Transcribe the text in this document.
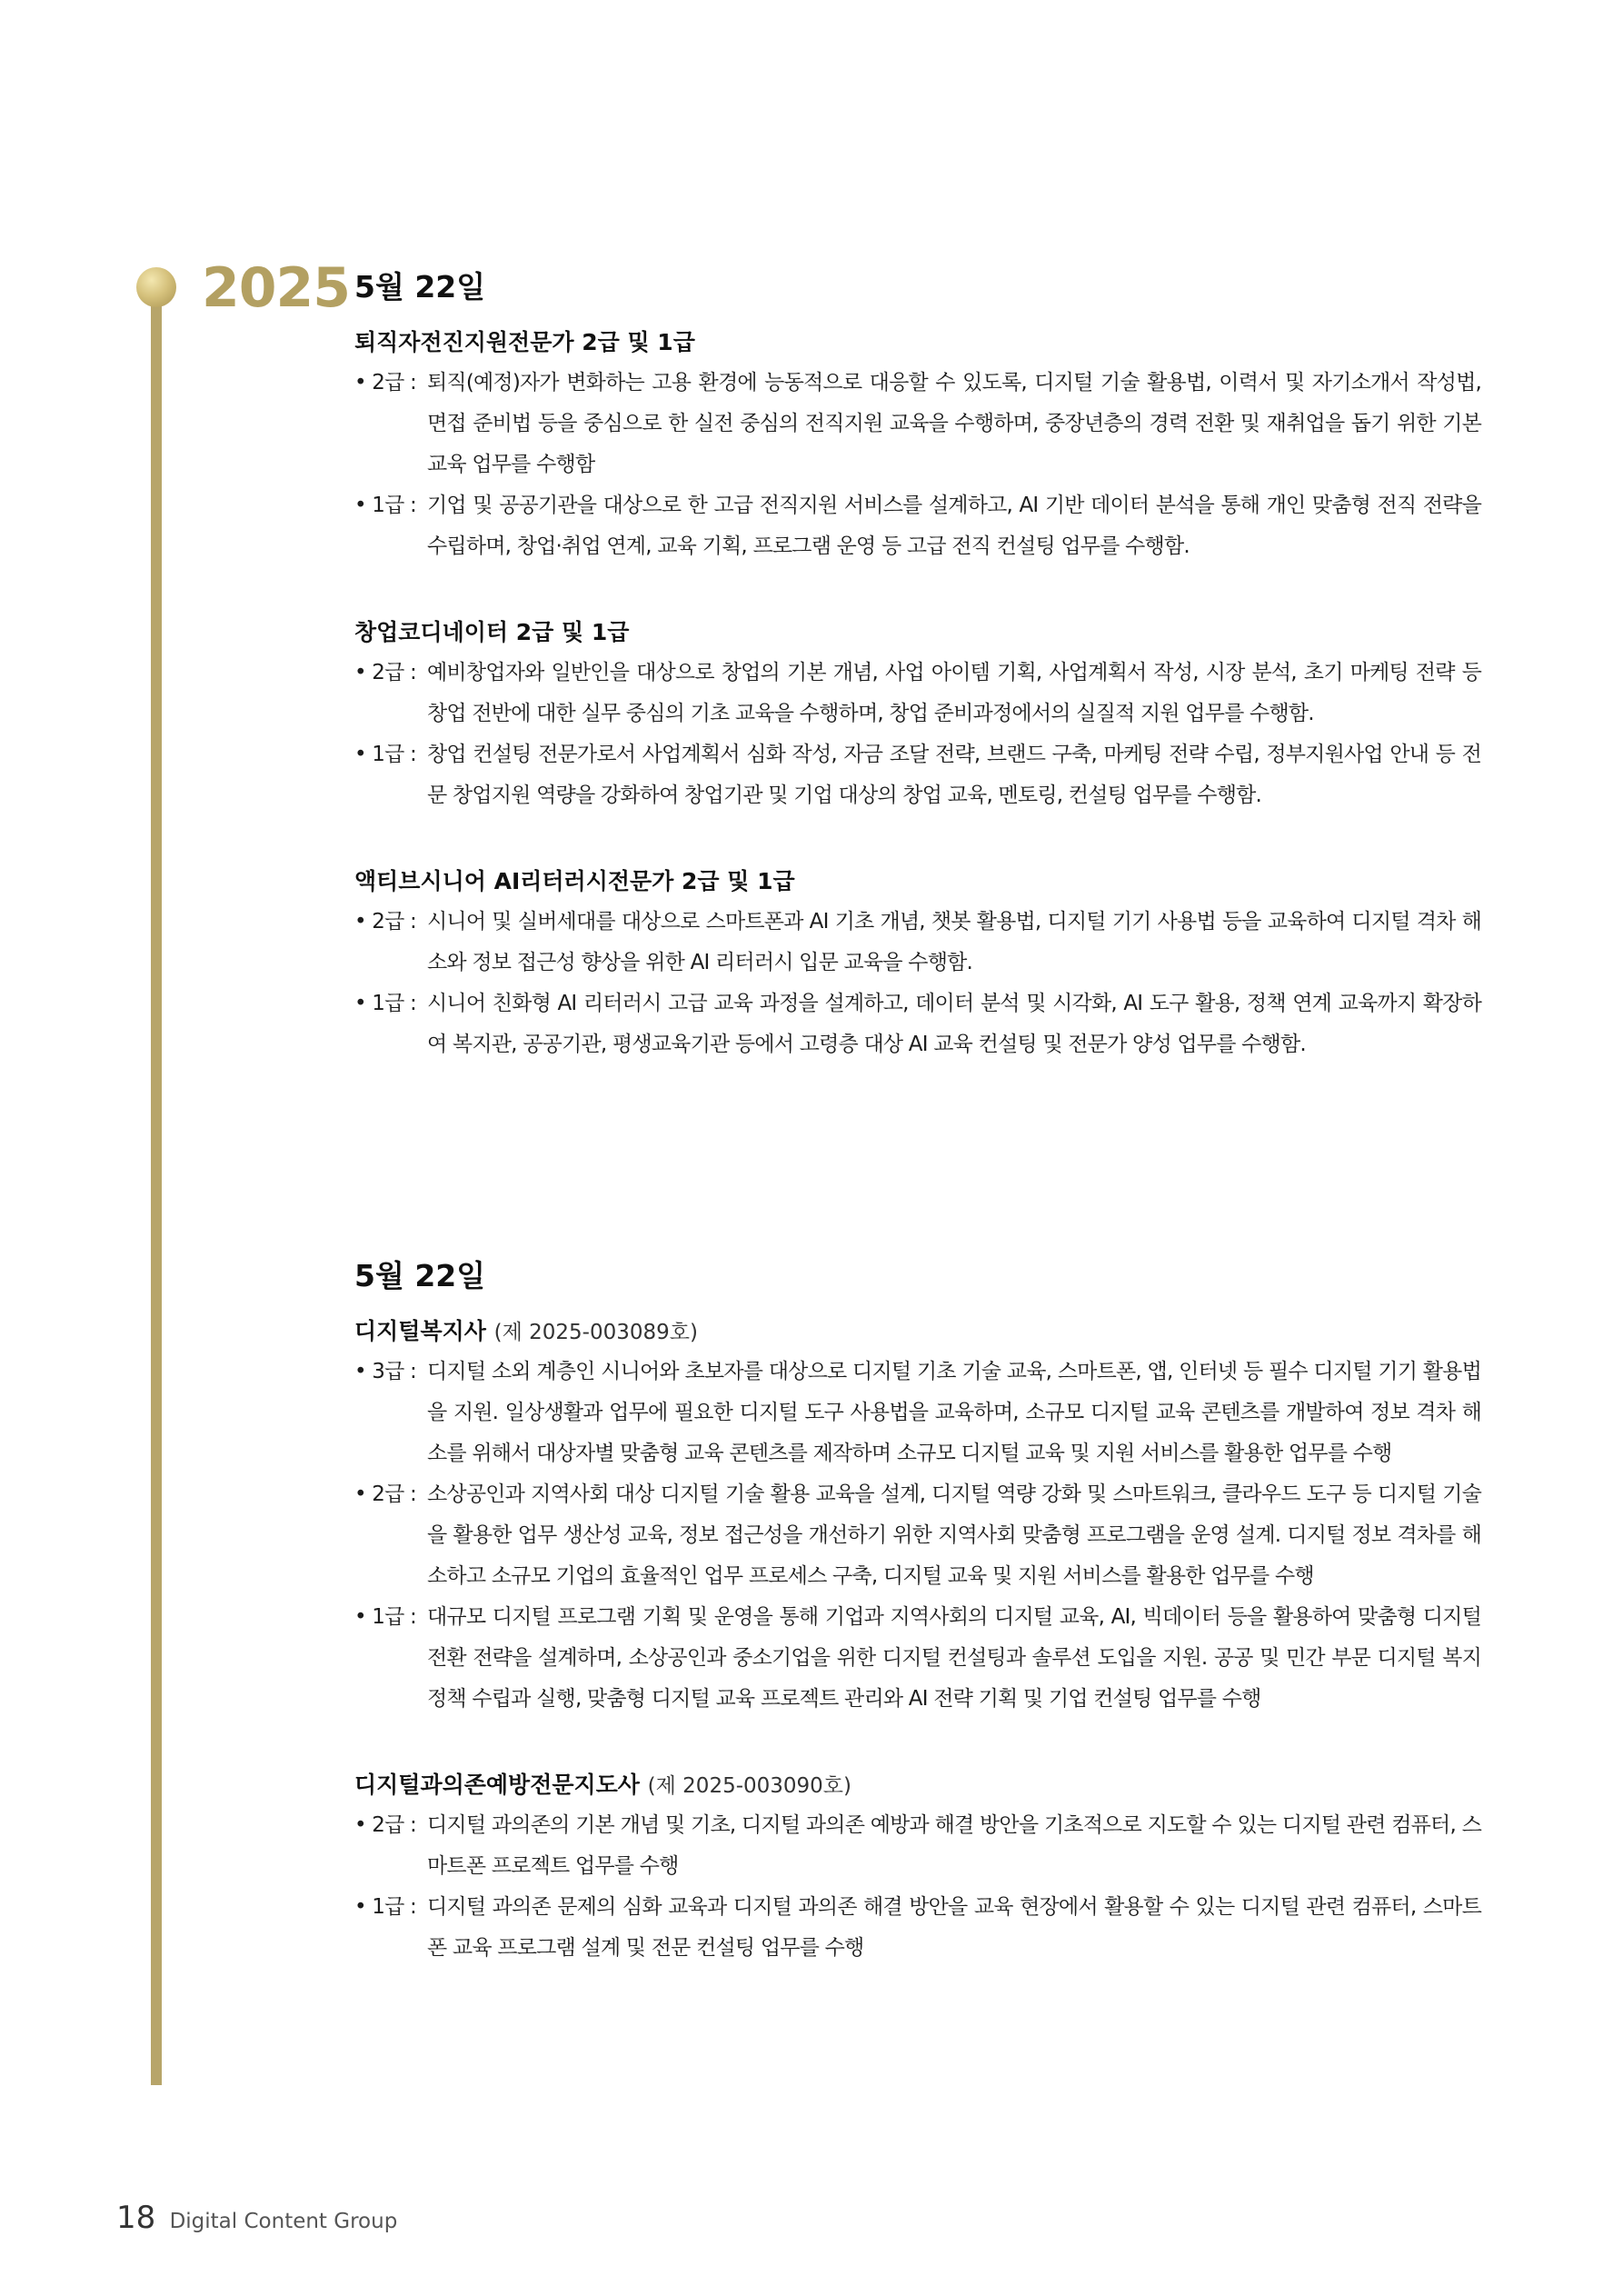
2025 5월 22일
퇴직자전진지원전문가 2급 및 1급

• 2급 : 퇴직(예정)자가 변화하는 고용 환경에 능동적으로 대응할 수 있도록, 디지털 기술 활용법, 이력서 및 자기소개서 작성법, 면접 준비법 등을 중심으로 한 실전 중심의 전직지원 교육을 수행하며, 중장년층의 경력 전환 및 재취업을 돕기 위한 기본 교육 업무를 수행함

• 1급 : 기업 및 공공기관을 대상으로 한 고급 전직지원 서비스를 설계하고, AI 기반 데이터 분석을 통해 개인 맞춤형 전직 전략을 수립하며, 창업·취업 연계, 교육 기획, 프로그램 운영 등 고급 전직 컨설팅 업무를 수행함.

창업코디네이터 2급 및 1급

• 2급 : 예비창업자와 일반인을 대상으로 창업의 기본 개념, 사업 아이템 기획, 사업계획서 작성, 시장 분석, 초기 마케팅 전략 등 창업 전반에 대한 실무 중심의 기초 교육을 수행하며, 창업 준비과정에서의 실질적 지원 업무를 수행함.

• 1급 : 창업 컨설팅 전문가로서 사업계획서 심화 작성, 자금 조달 전략, 브랜드 구축, 마케팅 전략 수립, 정부지원사업 안내 등 전문 창업지원 역량을 강화하여 창업기관 및 기업 대상의 창업 교육, 멘토링, 컨설팅 업무를 수행함.

액티브시니어 AI리터러시전문가 2급 및 1급

• 2급 : 시니어 및 실버세대를 대상으로 스마트폰과 AI 기초 개념, 챗봇 활용법, 디지털 기기 사용법 등을 교육하여 디지털 격차 해소와 정보 접근성 향상을 위한 AI 리터러시 입문 교육을 수행함.

• 1급 : 시니어 친화형 AI 리터러시 고급 교육 과정을 설계하고, 데이터 분석 및 시각화, AI 도구 활용, 정책 연계 교육까지 확장하여 복지관, 공공기관, 평생교육기관 등에서 고령층 대상 AI 교육 컨설팅 및 전문가 양성 업무를 수행함.

5월 22일
디지털복지사 (제 2025-003089호)

• 3급 : 디지털 소외 계층인 시니어와 초보자를 대상으로 디지털 기초 기술 교육, 스마트폰, 앱, 인터넷 등 필수 디지털 기기 활용법을 지원. 일상생활과 업무에 필요한 디지털 도구 사용법을 교육하며, 소규모 디지털 교육 콘텐츠를 개발하여 정보 격차 해소를 위해서 대상자별 맞춤형 교육 콘텐츠를 제작하며 소규모 디지털 교육 및 지원 서비스를 활용한 업무를 수행

• 2급 : 소상공인과 지역사회 대상 디지털 기술 활용 교육을 설계, 디지털 역량 강화 및 스마트워크, 클라우드 도구 등 디지털 기술을 활용한 업무 생산성 교육, 정보 접근성을 개선하기 위한 지역사회 맞춤형 프로그램을 운영 설계. 디지털 정보 격차를 해소하고 소규모 기업의 효율적인 업무 프로세스 구축, 디지털 교육 및 지원 서비스를 활용한 업무를 수행

• 1급 : 대규모 디지털 프로그램 기획 및 운영을 통해 기업과 지역사회의 디지털 교육, AI, 빅데이터 등을 활용하여 맞춤형 디지털 전환 전략을 설계하며, 소상공인과 중소기업을 위한 디지털 컨설팅과 솔루션 도입을 지원. 공공 및 민간 부문 디지털 복지 정책 수립과 실행, 맞춤형 디지털 교육 프로젝트 관리와 AI 전략 기획 및 기업 컨설팅 업무를 수행

디지털과의존예방전문지도사 (제 2025-003090호)

• 2급 : 디지털 과의존의 기본 개념 및 기초, 디지털 과의존 예방과 해결 방안을 기초적으로 지도할 수 있는 디지털 관련 컴퓨터, 스마트폰 프로젝트 업무를 수행

• 1급 : 디지털 과의존 문제의 심화 교육과 디지털 과의존 해결 방안을 교육 현장에서 활용할 수 있는 디지털 관련 컴퓨터, 스마트폰 교육 프로그램 설계 및 전문 컨설팅 업무를 수행

18 Digital Content Group
